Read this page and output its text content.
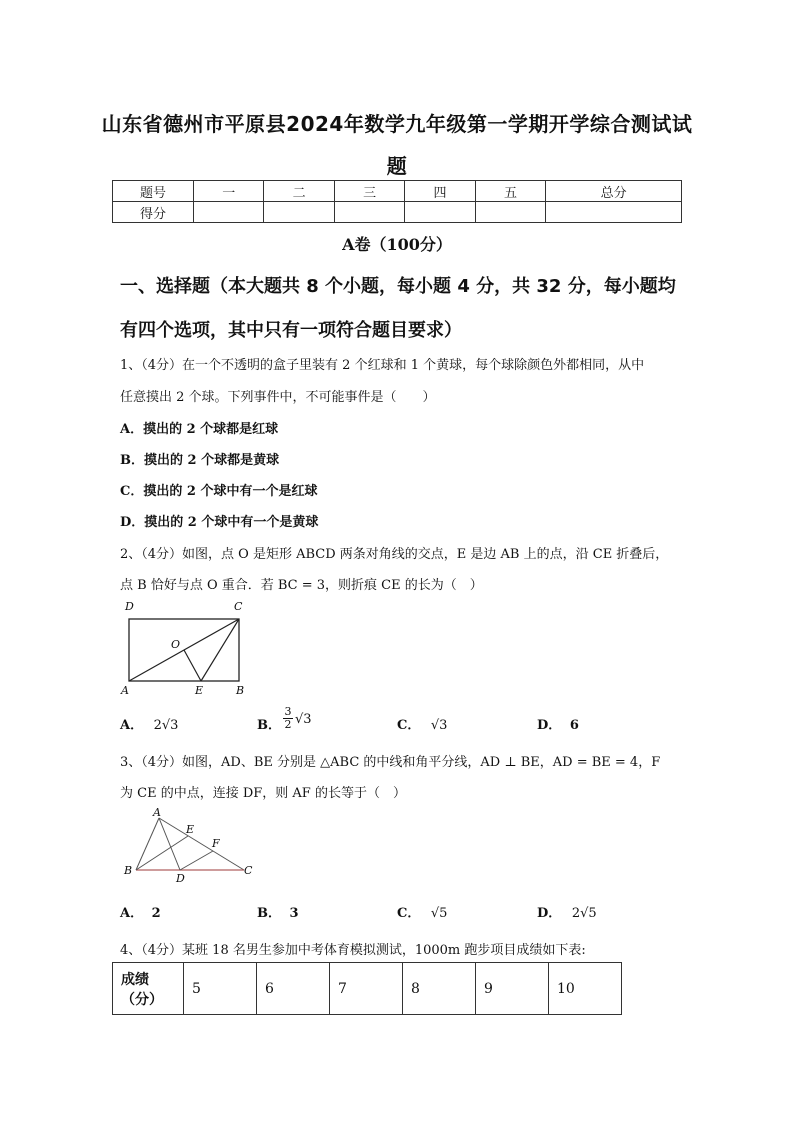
山东省德州市平原县2024年数学九年级第一学期开学综合测试试
题
题号	一	二	三	四	五	总分
得分						
A卷（100分）
一、选择题（本大题共 8 个小题，每小题 4 分，共 32 分，每小题均
有四个选项，其中只有一项符合题目要求）
1、（4分）在一个不透明的盒子里装有 2 个红球和 1 个黄球，每个球除颜色外都相同，从中
任意摸出 2 个球。下列事件中，不可能事件是（　　）
A．摸出的 2 个球都是红球
B．摸出的 2 个球都是黄球
C．摸出的 2 个球中有一个是红球
D．摸出的 2 个球中有一个是黄球
2、（4分）如图，点 O 是矩形 ABCD 两条对角线的交点，E 是边 AB 上的点，沿 CE 折叠后，
点 B 恰好与点 O 重合．若 BC = 3，则折痕 CE 的长为（　）
D	C
O
A	E	B
A． 2√3	B． $\frac{3}{2} √3$	C． √3	D． 6
3、（4分）如图，AD、BE 分别是 △ABC 的中线和角平分线，AD ⊥ BE，AD = BE = 4，F
为 CE 的中点，连接 DF，则 AF 的长等于（　）
A
E
F
B
D
C
A． 2	B． 3	C． √5	D． 2√5
4、（4分）某班 18 名男生参加中考体育模拟测试，1000m 跑步项目成绩如下表:
成绩（分）	5	6	7	8	9	10
